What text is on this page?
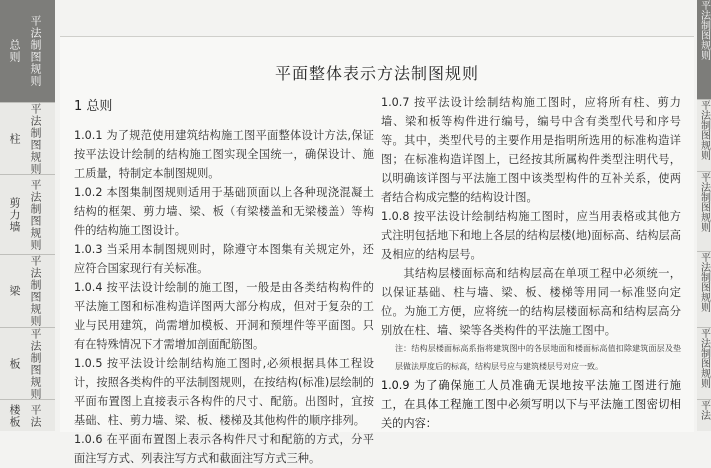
总则 平法制图规则
柱 平法制图规则
剪力墙 平法制图规则
梁 平法制图规则
板 平法制图规则
楼板 平法
平法制图规则
平法制图规则
平法制图规则
平法制图规则
平法制图规则
平法
平面整体表示方法制图规则
1 总则

1.0.1 为了规范使用建筑结构施工图平面整体设计方法,保证按平法设计绘制的结构施工图实现全国统一，确保设计、施工质量，特制定本制图规则。

1.0.2 本图集制图规则适用于基础顶面以上各种现浇混凝土结构的框架、剪力墙、梁、板（有梁楼盖和无梁楼盖）等构件的结构施工图设计。

1.0.3 当采用本制图规则时，除遵守本图集有关规定外，还应符合国家现行有关标准。

1.0.4 按平法设计绘制的施工图，一般是由各类结构构件的平法施工图和标准构造详图两大部分构成，但对于复杂的工业与民用建筑，尚需增加模板、开洞和预埋件等平面图。只有在特殊情况下才需增加剖面配筋图。

1.0.5 按平法设计绘制结构施工图时,必须根据具体工程设计，按照各类构件的平法制图规则，在按结构(标准)层绘制的平面布置图上直接表示各构件的尺寸、配筋。出图时，宜按基础、柱、剪力墙、梁、板、楼梯及其他构件的顺序排列。

1.0.6 在平面布置图上表示各构件尺寸和配筋的方式，分平面注写方式、列表注写方式和截面注写方式三种。

1.0.7 按平法设计绘制结构施工图时，应将所有柱、剪力墙、梁和板等构件进行编号，编号中含有类型代号和序号等。其中，类型代号的主要作用是指明所选用的标准构造详图；在标准构造详图上，已经按其所属构件类型注明代号，以明确该详图与平法施工图中该类型构件的互补关系，使两者结合构成完整的结构设计图。

1.0.8 按平法设计绘制结构施工图时，应当用表格或其他方式注明包括地下和地上各层的结构层楼(地)面标高、结构层高及相应的结构层号。

其结构层楼面标高和结构层高在单项工程中必须统一，以保证基础、柱与墙、梁、板、楼梯等用同一标准竖向定位。为施工方便，应将统一的结构层楼面标高和结构层高分别放在柱、墙、梁等各类构件的平法施工图中。

注：结构层楼面标高系指将建筑图中的各层地面和楼面标高值扣除建筑面层及垫层做法厚度后的标高，结构层号应与建筑楼层号对应一致。

1.0.9 为了确保施工人员准确无误地按平法施工图进行施工，在具体工程施工图中必须写明以下与平法施工图密切相关的内容：
